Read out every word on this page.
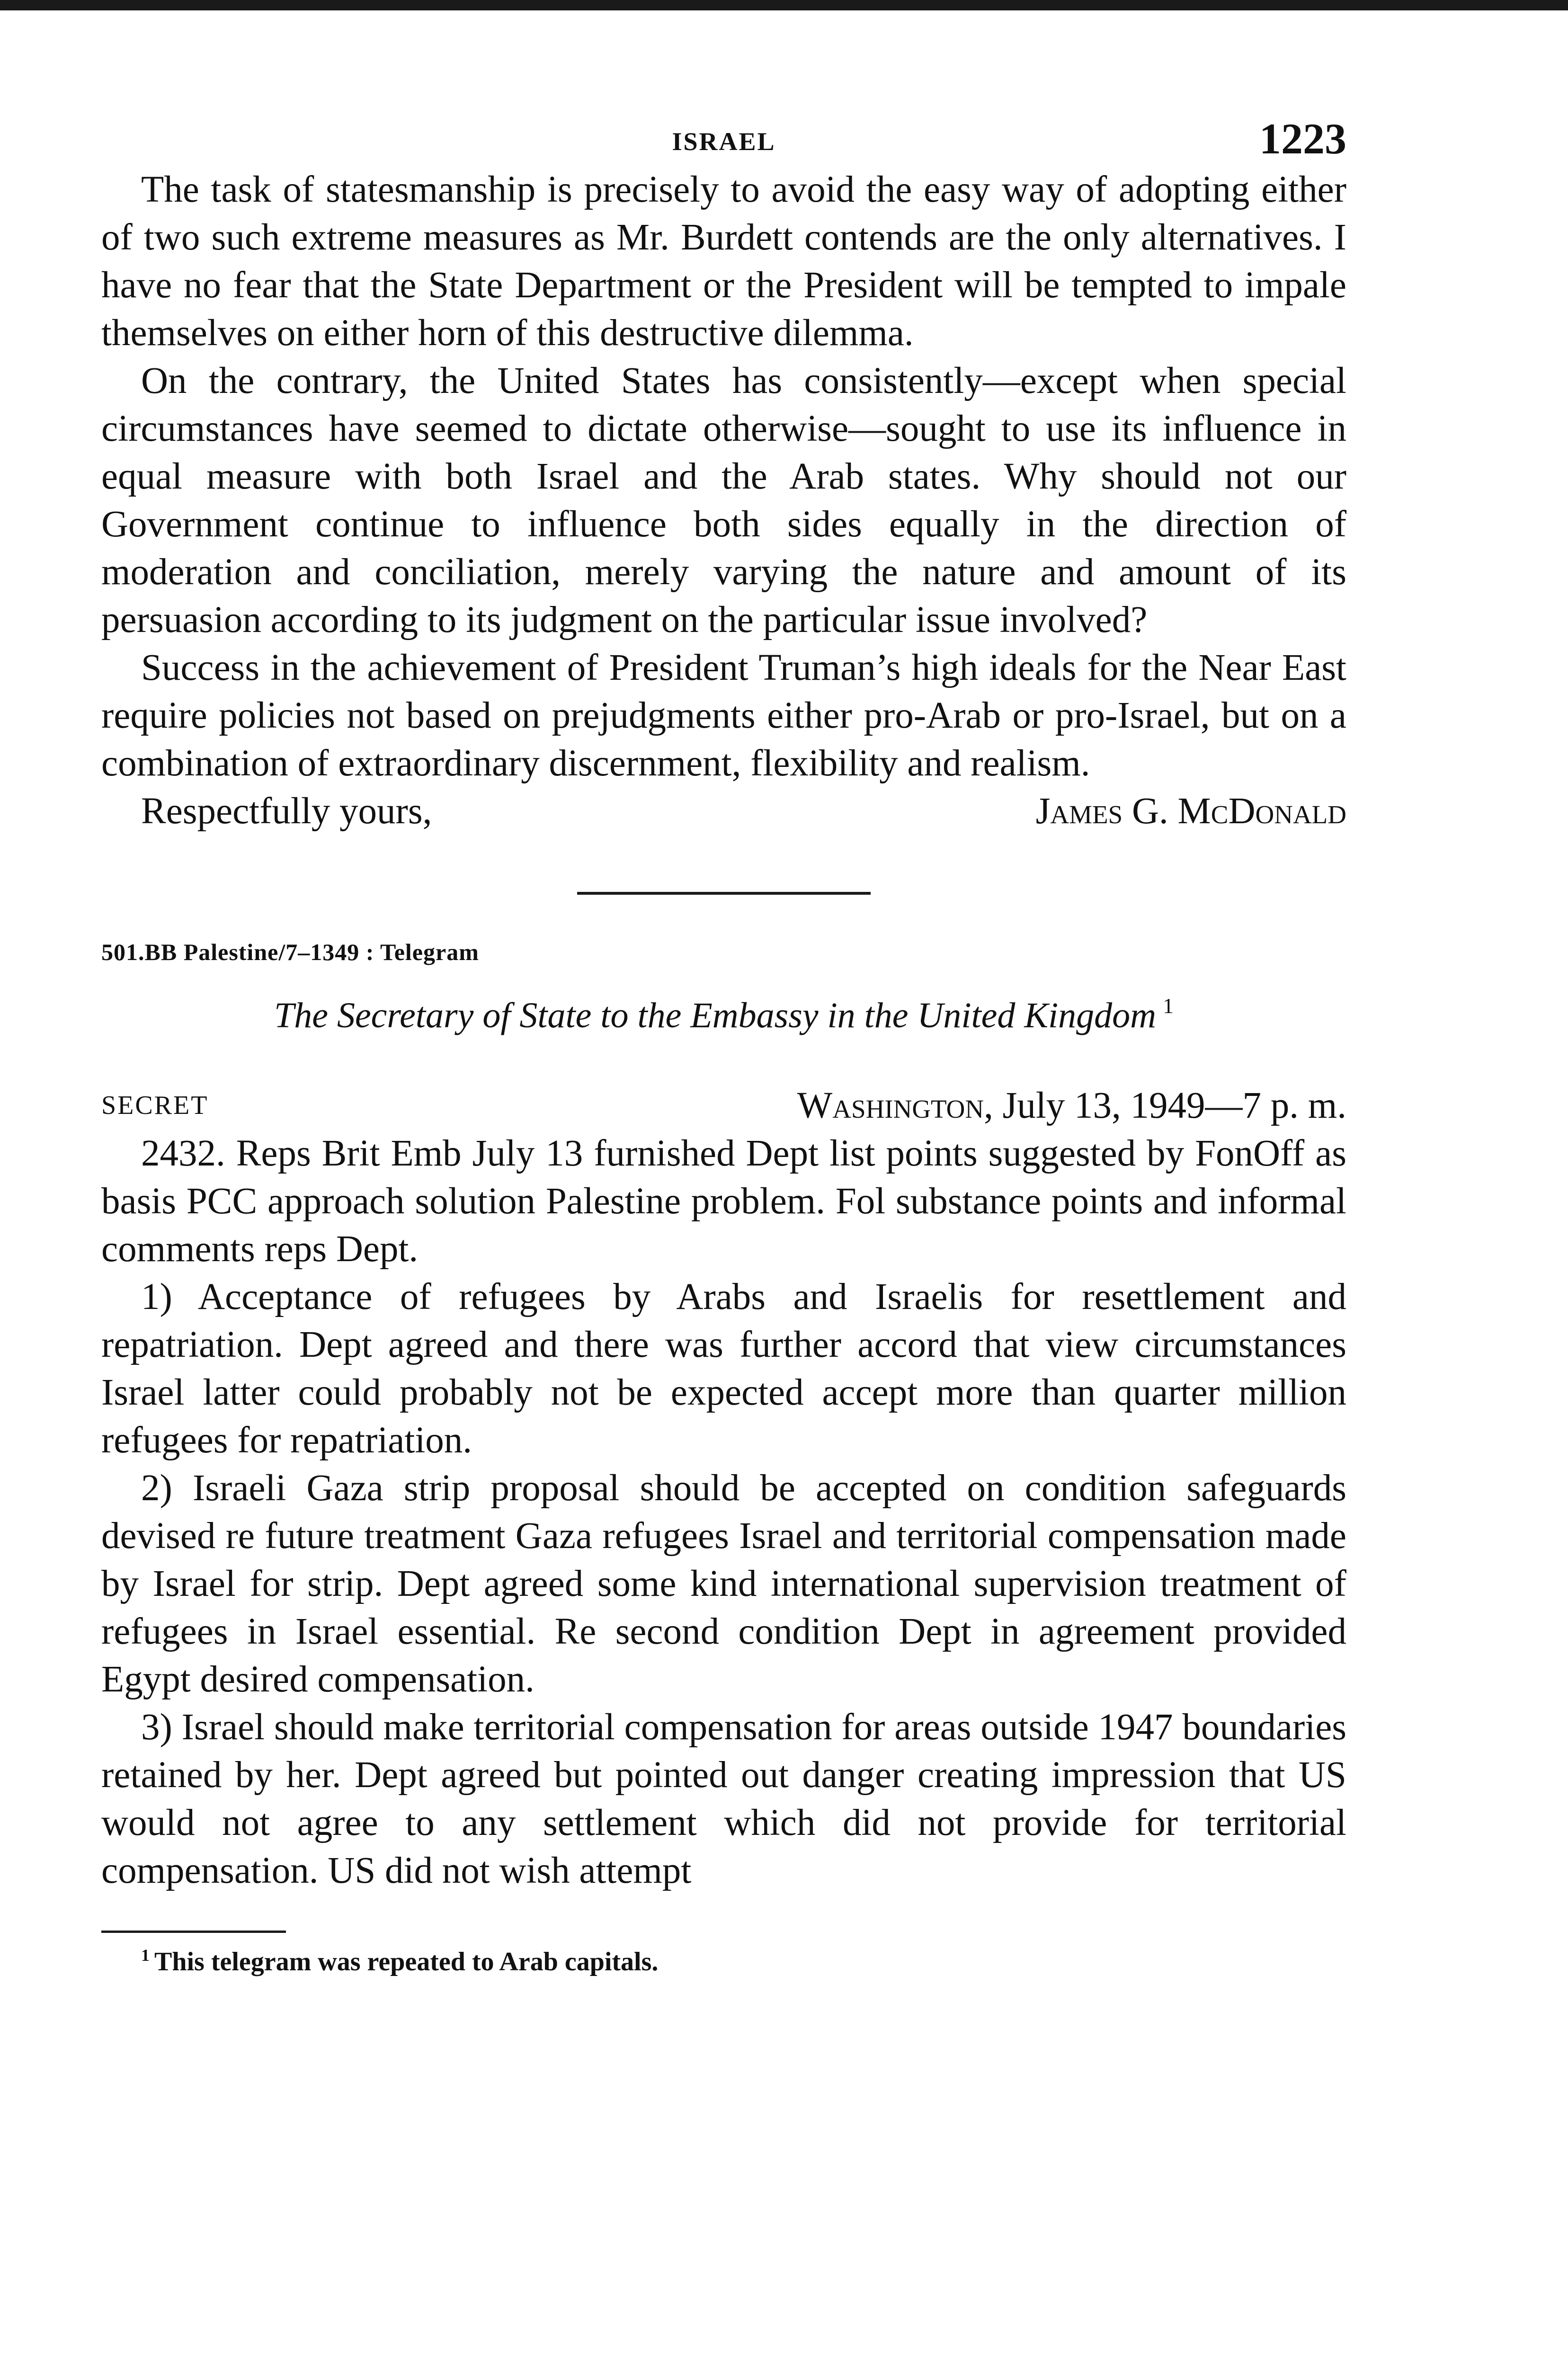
ISRAEL	1223

The task of statesmanship is precisely to avoid the easy way of adopting either of two such extreme measures as Mr. Burdett contends are the only alternatives. I have no fear that the State Department or the President will be tempted to impale themselves on either horn of this destructive dilemma.

On the contrary, the United States has consistently—except when special circumstances have seemed to dictate otherwise—sought to use its influence in equal measure with both Israel and the Arab states. Why should not our Government continue to influence both sides equally in the direction of moderation and conciliation, merely varying the nature and amount of its persuasion according to its judgment on the particular issue involved?

Success in the achievement of President Truman’s high ideals for the Near East require policies not based on prejudgments either pro-Arab or pro-Israel, but on a combination of extraordinary discernment, flexibility and realism.

Respectfully yours,	James G. McDonald
501.BB Palestine/7–1349 : Telegram
The Secretary of State to the Embassy in the United Kingdom $^1$
SECRET	Washington, July 13, 1949—7 p. m.

2432. Reps Brit Emb July 13 furnished Dept list points suggested by FonOff as basis PCC approach solution Palestine problem. Fol substance points and informal comments reps Dept.

1) Acceptance of refugees by Arabs and Israelis for resettlement and repatriation. Dept agreed and there was further accord that view circumstances Israel latter could probably not be expected accept more than quarter million refugees for repatriation.

2) Israeli Gaza strip proposal should be accepted on condition safeguards devised re future treatment Gaza refugees Israel and territorial compensation made by Israel for strip. Dept agreed some kind international supervision treatment of refugees in Israel essential. Re second condition Dept in agreement provided Egypt desired compensation.

3) Israel should make territorial compensation for areas outside 1947 boundaries retained by her. Dept agreed but pointed out danger creating impression that US would not agree to any settlement which did not provide for territorial compensation. US did not wish attempt

$^1$ This telegram was repeated to Arab capitals.
